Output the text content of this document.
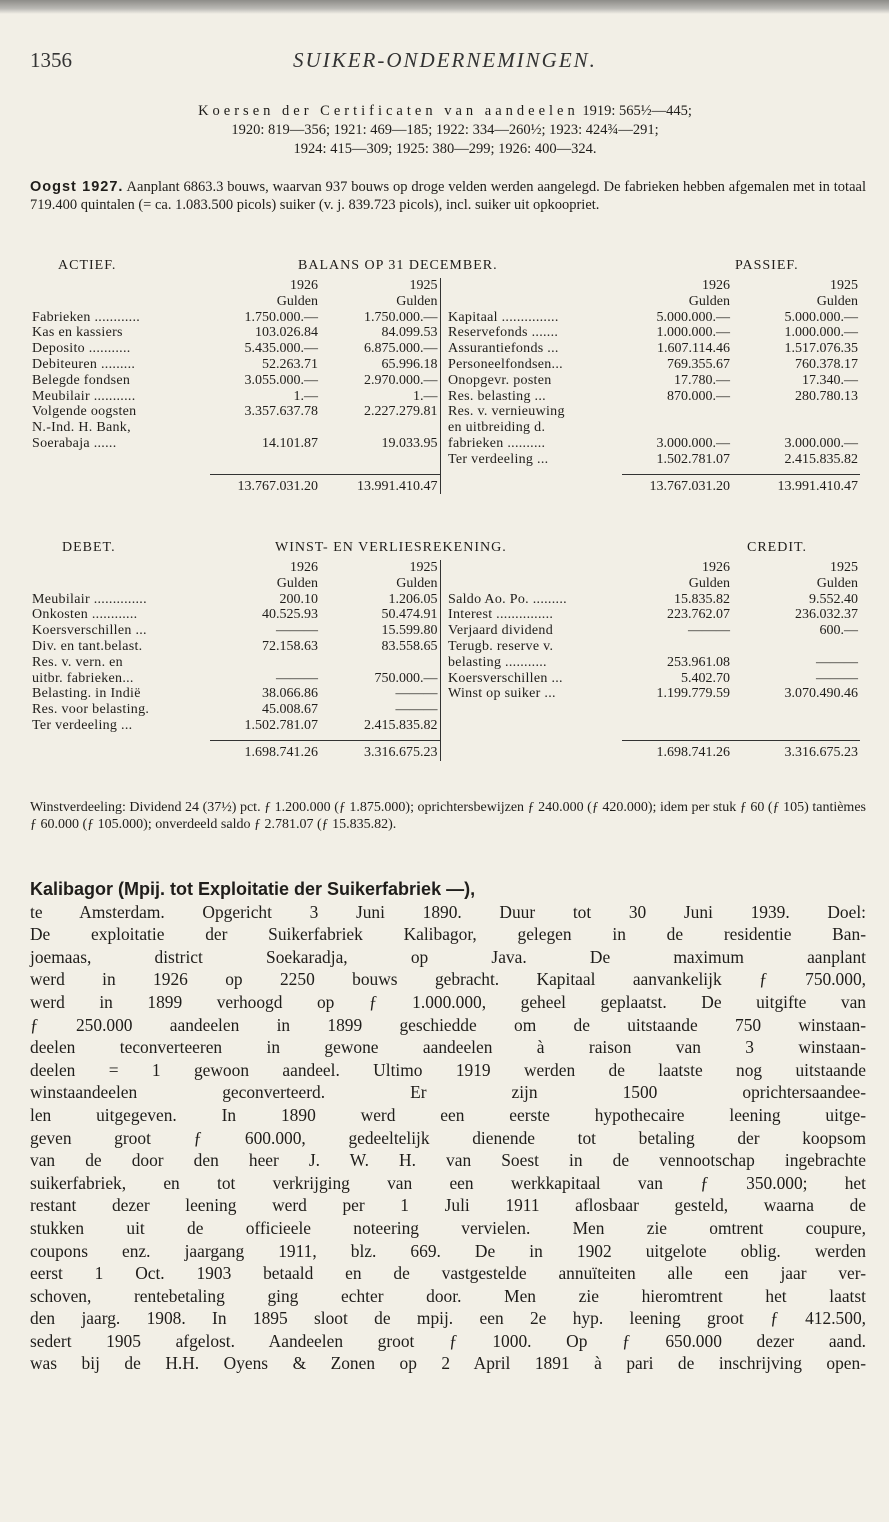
1356	SUIKER-ONDERNEMINGEN.
Koersen der Certificaten van aandeelen 1919: 565½—445;
1920: 819—356; 1921: 469—185; 1922: 334—260½; 1923: 424¾—291;
1924: 415—309; 1925: 380—299; 1926: 400—324.
Oogst 1927. Aanplant 6863.3 bouws, waarvan 937 bouws op droge velden werden aangelegd. De fabrieken hebben afgemalen met in totaal 719.400 quintalen (= ca. 1.083.500 picols) suiker (v. j. 839.723 picols), incl. suiker uit opkoopriet.
ACTIEF.	BALANS OP 31 DECEMBER.	PASSIEF.
	1926	1925			1926	1925
	Gulden	Gulden			Gulden	Gulden
Fabrieken ............	1.750.000.—	1.750.000.—		Kapitaal ...............	5.000.000.—	5.000.000.—
Kas en kassiers	103.026.84	84.099.53		Reservefonds .......	1.000.000.—	1.000.000.—
Deposito ...........	5.435.000.—	6.875.000.—		Assurantiefonds ...	1.607.114.46	1.517.076.35
Debiteuren .........	52.263.71	65.996.18		Personeelfondsen...	769.355.67	760.378.17
Belegde fondsen	3.055.000.—	2.970.000.—		Onopgevr. posten	17.780.—	17.340.—
Meubilair ...........	1.—	1.—		Res. belasting ...	870.000.—	280.780.13
Volgende oogsten	3.357.637.78	2.227.279.81		Res. v. vernieuwing		
N.-Ind. H. Bank,				en uitbreiding d.		
Soerabaja ......	14.101.87	19.033.95		fabrieken ..........	3.000.000.—	3.000.000.—
				Ter verdeeling ...	1.502.781.07	2.415.835.82

	13.767.031.20	13.991.410.47			13.767.031.20	13.991.410.47
DEBET.	WINST- EN VERLIESREKENING.	CREDIT.
	1926	1925			1926	1925
	Gulden	Gulden			Gulden	Gulden
Meubilair ..............	200.10	1.206.05		Saldo Ao. Po. .........	15.835.82	9.552.40
Onkosten ............	40.525.93	50.474.91		Interest ...............	223.762.07	236.032.37
Koersverschillen ...	———	15.599.80		Verjaard dividend	———	600.—
Div. en tant.belast.	72.158.63	83.558.65		Terugb. reserve v.		
Res. v. vern. en				belasting ...........	253.961.08	———
uitbr. fabrieken...	———	750.000.—		Koersverschillen ...	5.402.70	———
Belasting. in Indië	38.066.86	———		Winst op suiker ...	1.199.779.59	3.070.490.46
Res. voor belasting.	45.008.67	———				
Ter verdeeling ...	1.502.781.07	2.415.835.82				

	1.698.741.26	3.316.675.23			1.698.741.26	3.316.675.23
Winstverdeeling: Dividend 24 (37½) pct. ƒ 1.200.000 (ƒ 1.875.000); oprichtersbewijzen ƒ 240.000 (ƒ 420.000); idem per stuk ƒ 60 (ƒ 105) tantièmes ƒ 60.000 (ƒ 105.000); onverdeeld saldo ƒ 2.781.07 (ƒ 15.835.82).
Kalibagor (Mpij. tot Exploitatie der Suikerfabriek —),
te Amsterdam. Opgericht 3 Juni 1890. Duur tot 30 Juni 1939. Doel:
De exploitatie der Suikerfabriek Kalibagor, gelegen in de residentie Ban-
joemaas, district Soekaradja, op Java. De maximum aanplant
werd in 1926 op 2250 bouws gebracht. Kapitaal aanvankelijk ƒ 750.000,
werd in 1899 verhoogd op ƒ 1.000.000, geheel geplaatst. De uitgifte van
ƒ 250.000 aandeelen in 1899 geschiedde om de uitstaande 750 winstaan-
deelen teconverteeren in gewone aandeelen à raison van 3 winstaan-
deelen = 1 gewoon aandeel. Ultimo 1919 werden de laatste nog uitstaande
winstaandeelen geconverteerd. Er zijn 1500 oprichtersaandee-
len uitgegeven. In 1890 werd een eerste hypothecaire leening uitge-
geven groot ƒ 600.000, gedeeltelijk dienende tot betaling der koopsom
van de door den heer J. W. H. van Soest in de vennootschap ingebrachte
suikerfabriek, en tot verkrijging van een werkkapitaal van ƒ 350.000; het
restant dezer leening werd per 1 Juli 1911 aflosbaar gesteld, waarna de
stukken uit de officieele noteering vervielen. Men zie omtrent coupure,
coupons enz. jaargang 1911, blz. 669. De in 1902 uitgelote oblig. werden
eerst 1 Oct. 1903 betaald en de vastgestelde annuïteiten alle een jaar ver-
schoven, rentebetaling ging echter door. Men zie hieromtrent het laatst
den jaarg. 1908. In 1895 sloot de mpij. een 2e hyp. leening groot ƒ 412.500,
sedert 1905 afgelost. Aandeelen groot ƒ 1000. Op ƒ 650.000 dezer aand.
was bij de H.H. Oyens & Zonen op 2 April 1891 à pari de inschrijving open-
